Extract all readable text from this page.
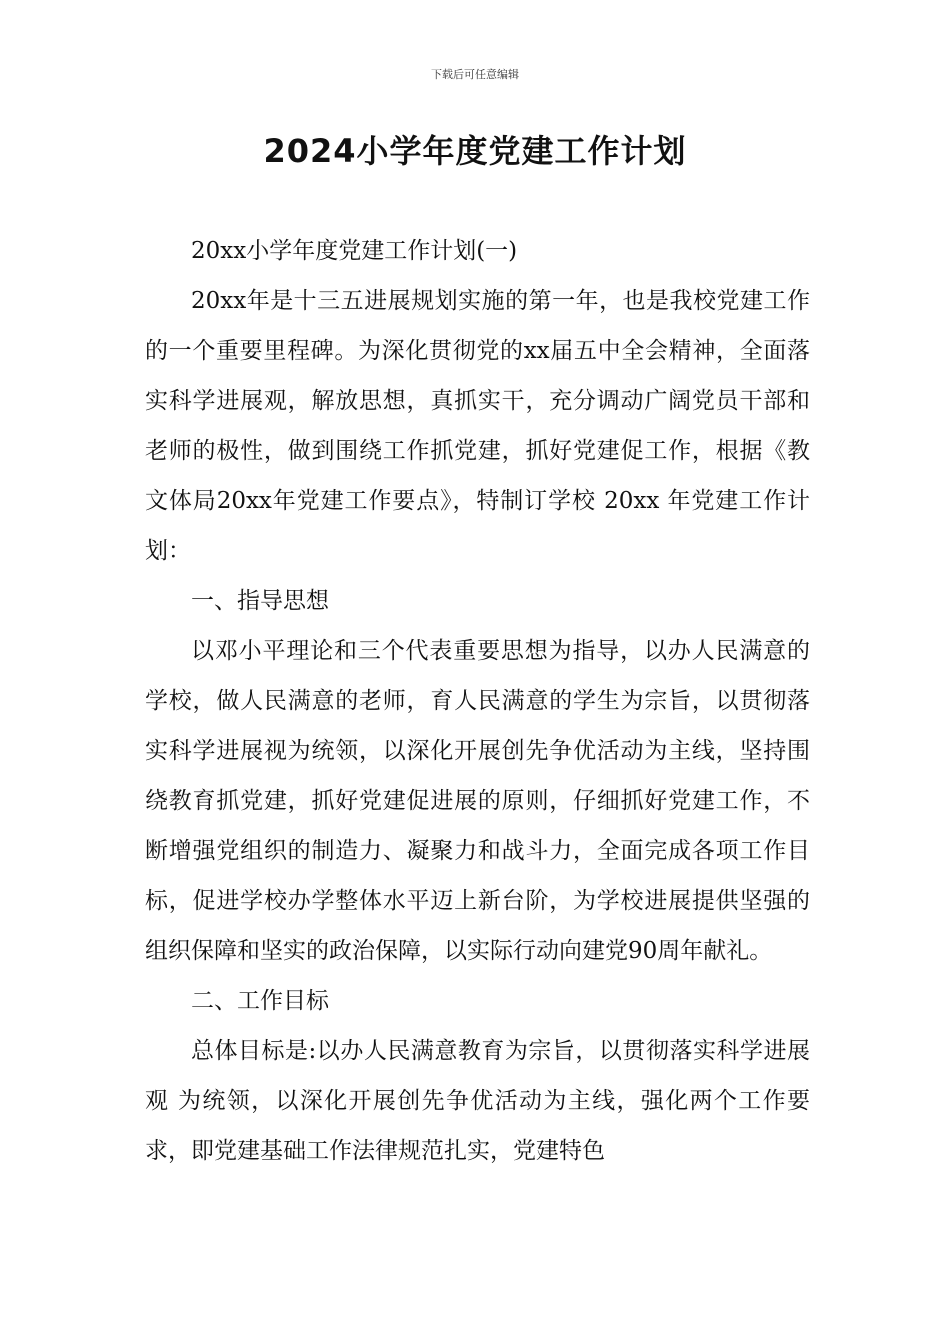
下载后可任意编辑
2024小学年度党建工作计划

20xx小学年度党建工作计划(一)

20xx年是十三五进展规划实施的第一年，也是我校党建工作的一个重要里程碑。为深化贯彻党的xx届五中全会精神，全面落实科学进展观，解放思想，真抓实干，充分调动广阔党员干部和老师的极性，做到围绕工作抓党建，抓好党建促工作，根据《教文体局20xx年党建工作要点》，特制订学校 20xx 年党建工作计划：

一、指导思想

以邓小平理论和三个代表重要思想为指导，以办人民满意的学校，做人民满意的老师，育人民满意的学生为宗旨，以贯彻落实科学进展视为统领，以深化开展创先争优活动为主线，坚持围绕教育抓党建，抓好党建促进展的原则，仔细抓好党建工作，不断增强党组织的制造力、凝聚力和战斗力，全面完成各项工作目标，促进学校办学整体水平迈上新台阶，为学校进展提供坚强的组织保障和坚实的政治保障，以实际行动向建党90周年献礼。

二、工作目标

总体目标是:以办人民满意教育为宗旨，以贯彻落实科学进展观 为统领，以深化开展创先争优活动为主线，强化两个工作要求，即党建基础工作法律规范扎实，党建特色
